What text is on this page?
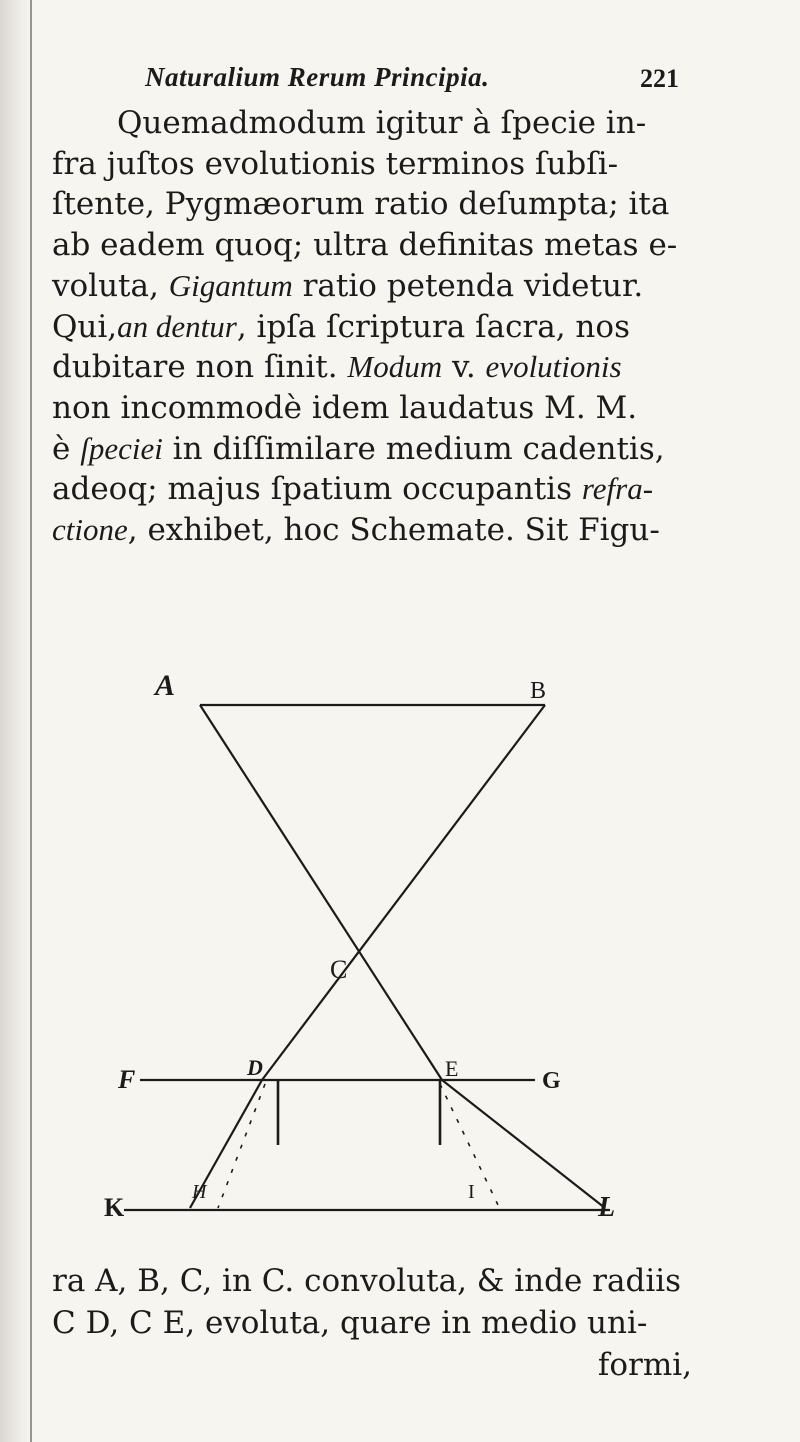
Naturalium Rerum Principia.	221
Quemadmodum igitur à ſpecie in-
fra juſtos evolutionis terminos ſubſi-
ſtente, Pygmæorum ratio deſumpta; ita
ab eadem quoq; ultra definitas metas e-
voluta, Gigantum ratio petenda videtur.
Qui,an dentur, ipſa ſcriptura ſacra, nos
dubitare non ſinit. Modum v. evolutionis
non incommodè idem laudatus M. M.
è ſpeciei in diſſimilare medium cadentis,
adeoq; majus ſpatium occupantis refra-
ctione, exhibet, hoc Schemate. Sit Figu-
A	B
C
D	E
F	G
H	I
K	L
ra A, B, C, in C. convoluta, & inde radiis
C D, C E, evoluta, quare in medio uni-
formi,
